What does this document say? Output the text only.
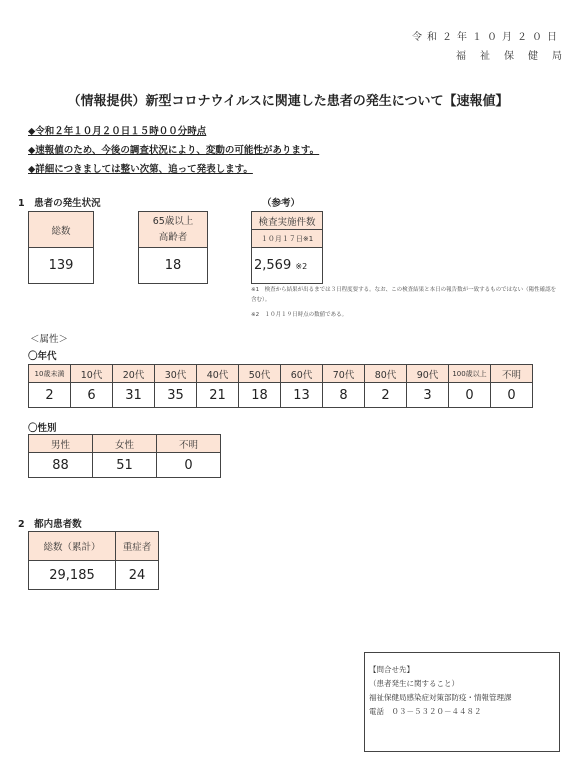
令和２年１０月２０日
福祉保健局
（情報提供）新型コロナウイルスに関連した患者の発生について【速報値】
◆令和２年１０月２０日１５時００分時点
◆速報値のため、今後の調査状況により、変動の可能性があります。
◆詳細につきましては整い次第、追って発表します。
1　患者の発生状況	（参考）
総数
139
65歳以上
高齢者

18
検査実施件数
１０月１７日※1
2,569 ※2
※1　検査から結果が出るまでは３日程度要する。なお、この検査結果と本日の報告数が一致するものではない（陽性確認を含む）。
※2　１０月１９日時点の数値である。
＜属性＞
〇年代
10歳未満	10代	20代	30代	40代	50代	60代	70代	80代	90代	100歳以上	不明
2	6	31	35	21	18	13	8	2	3	0	0
〇性別
男性	女性	不明
88	51	0
2　都内患者数
総数（累計）	重症者
29,185	24
【問合せ先】
（患者発生に関すること）
福祉保健局感染症対策部防疫・情報管理課
電話　０３－５３２０－４４８２
